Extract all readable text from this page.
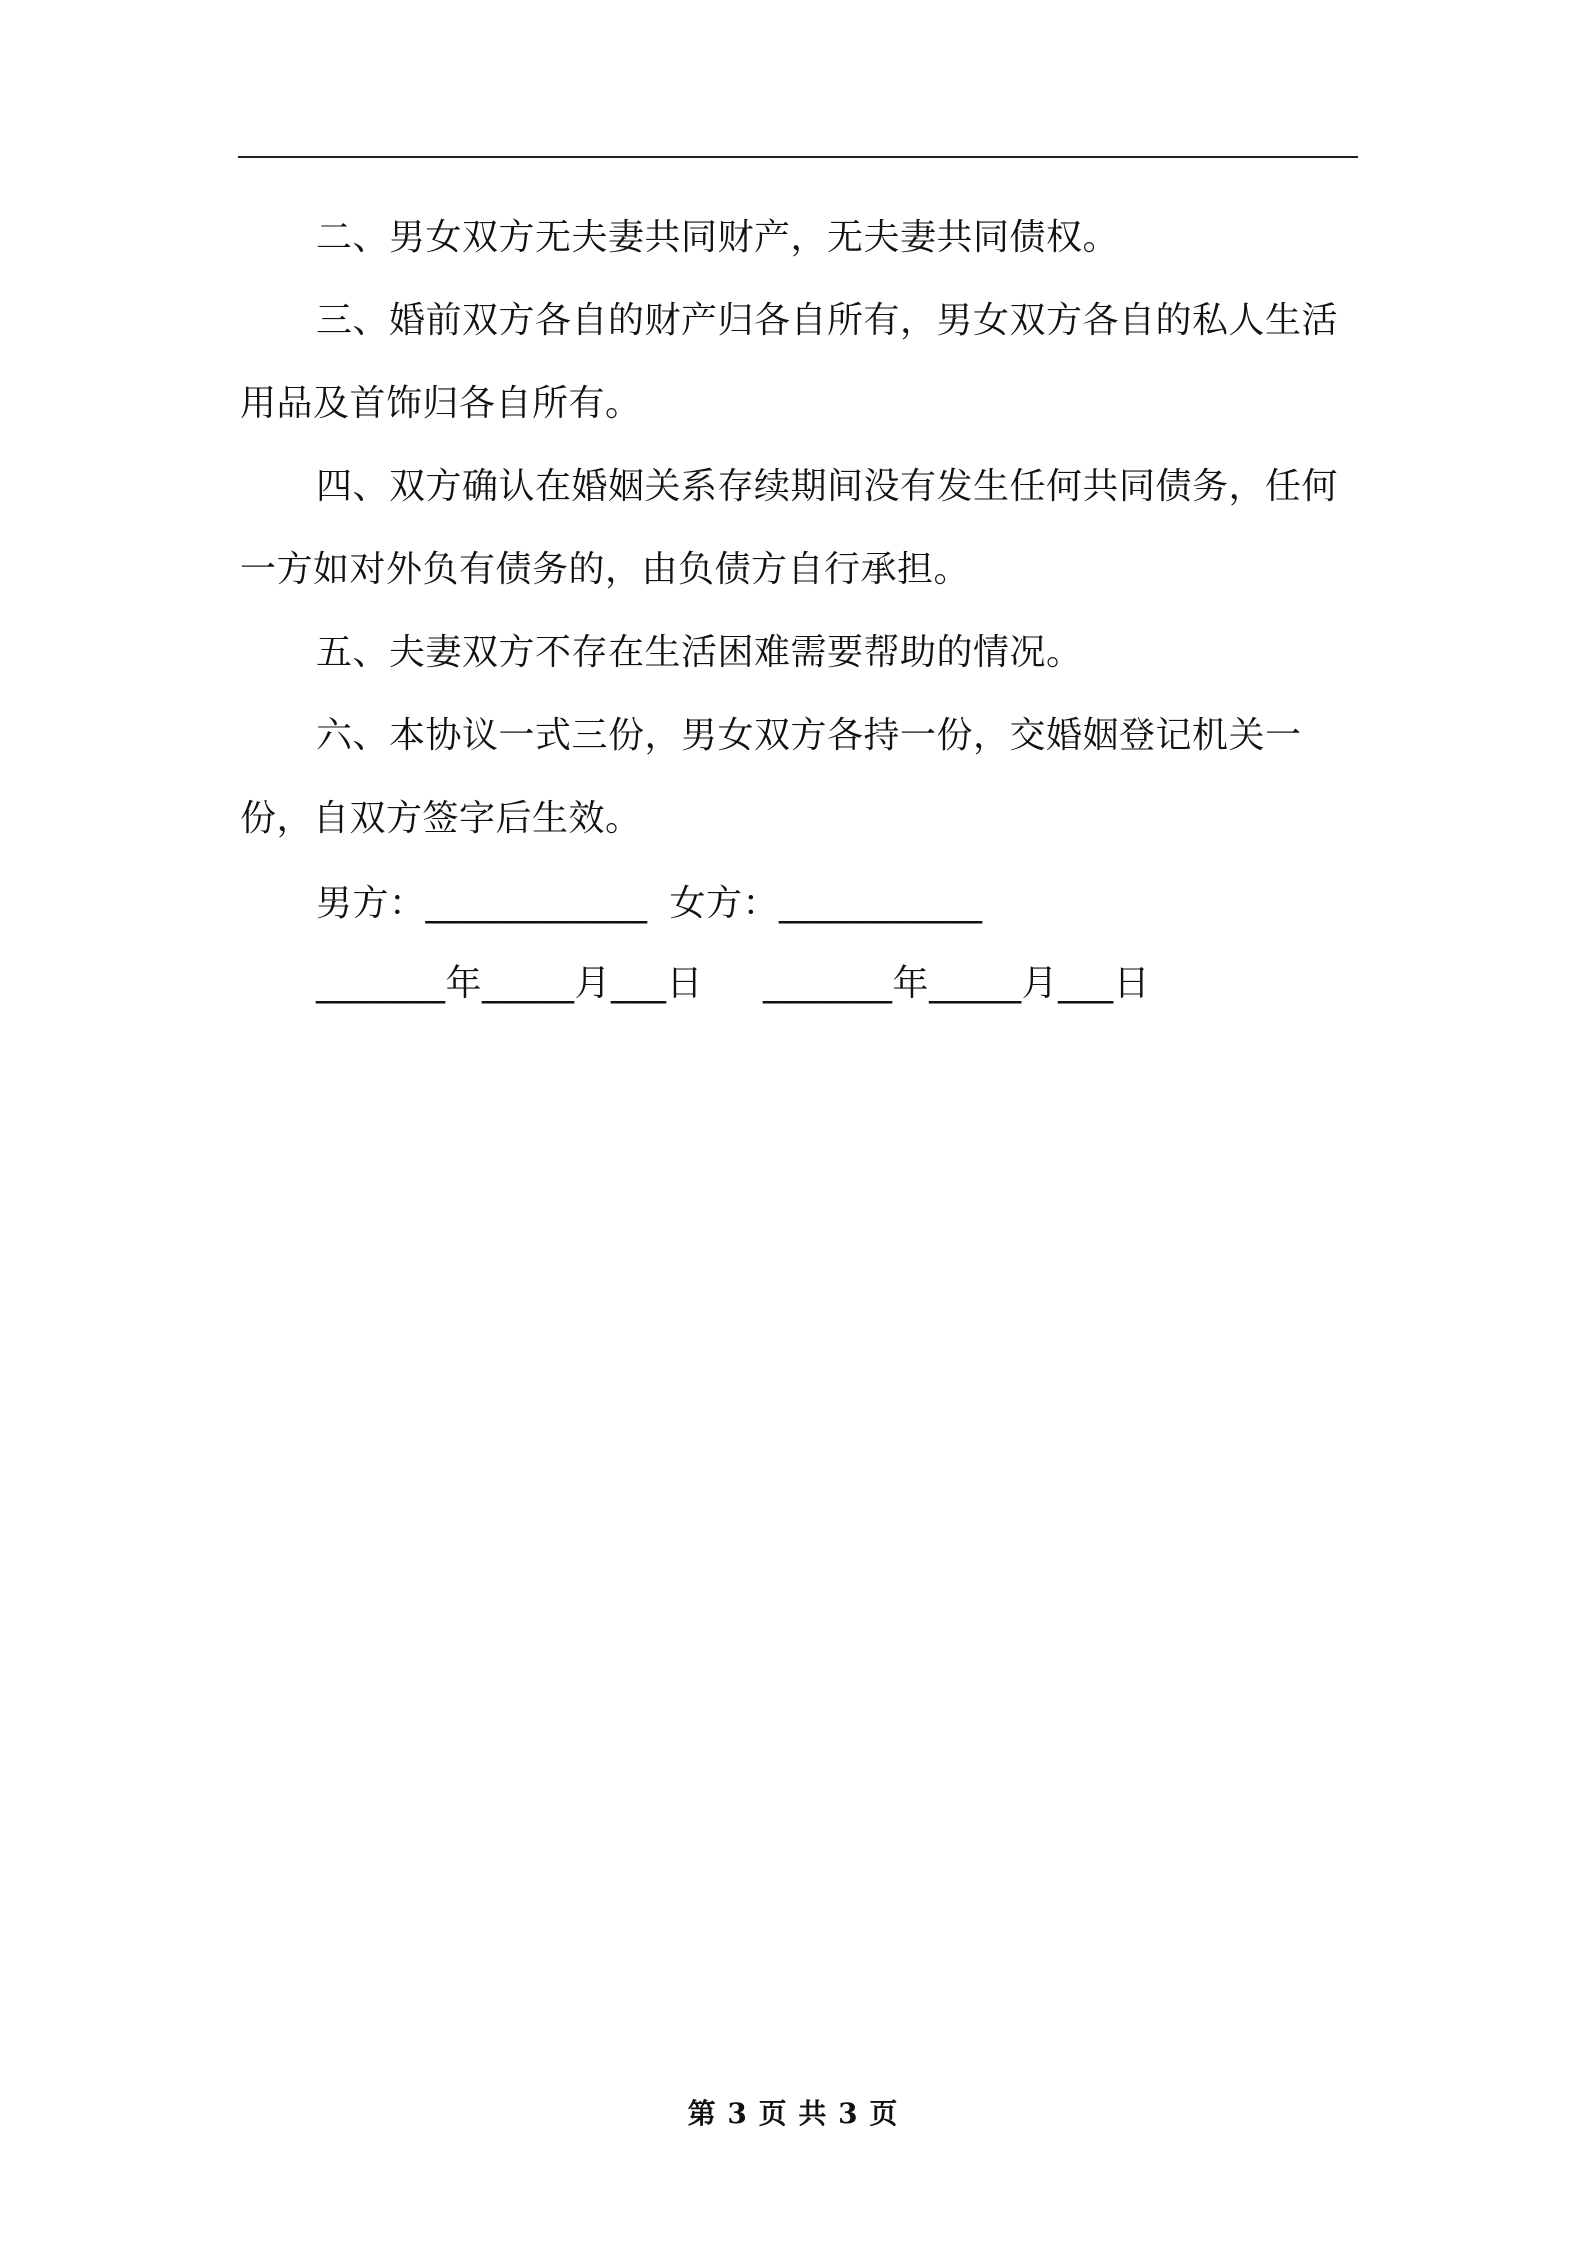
二、男女双方无夫妻共同财产，无夫妻共同债权。

三、婚前双方各自的财产归各自所有，男女双方各自的私人生活用品及首饰归各自所有。

四、双方确认在婚姻关系存续期间没有发生任何共同债务，任何一方如对外负有债务的，由负债方自行承担。

五、夫妻双方不存在生活困难需要帮助的情况。

六、本协议一式三份，男女双方各持一份，交婚姻登记机关一份，自双方签字后生效。

男方：____________ 女方：___________
_______年_____月___日 _______年_____月___日
第 3 页 共 3 页
